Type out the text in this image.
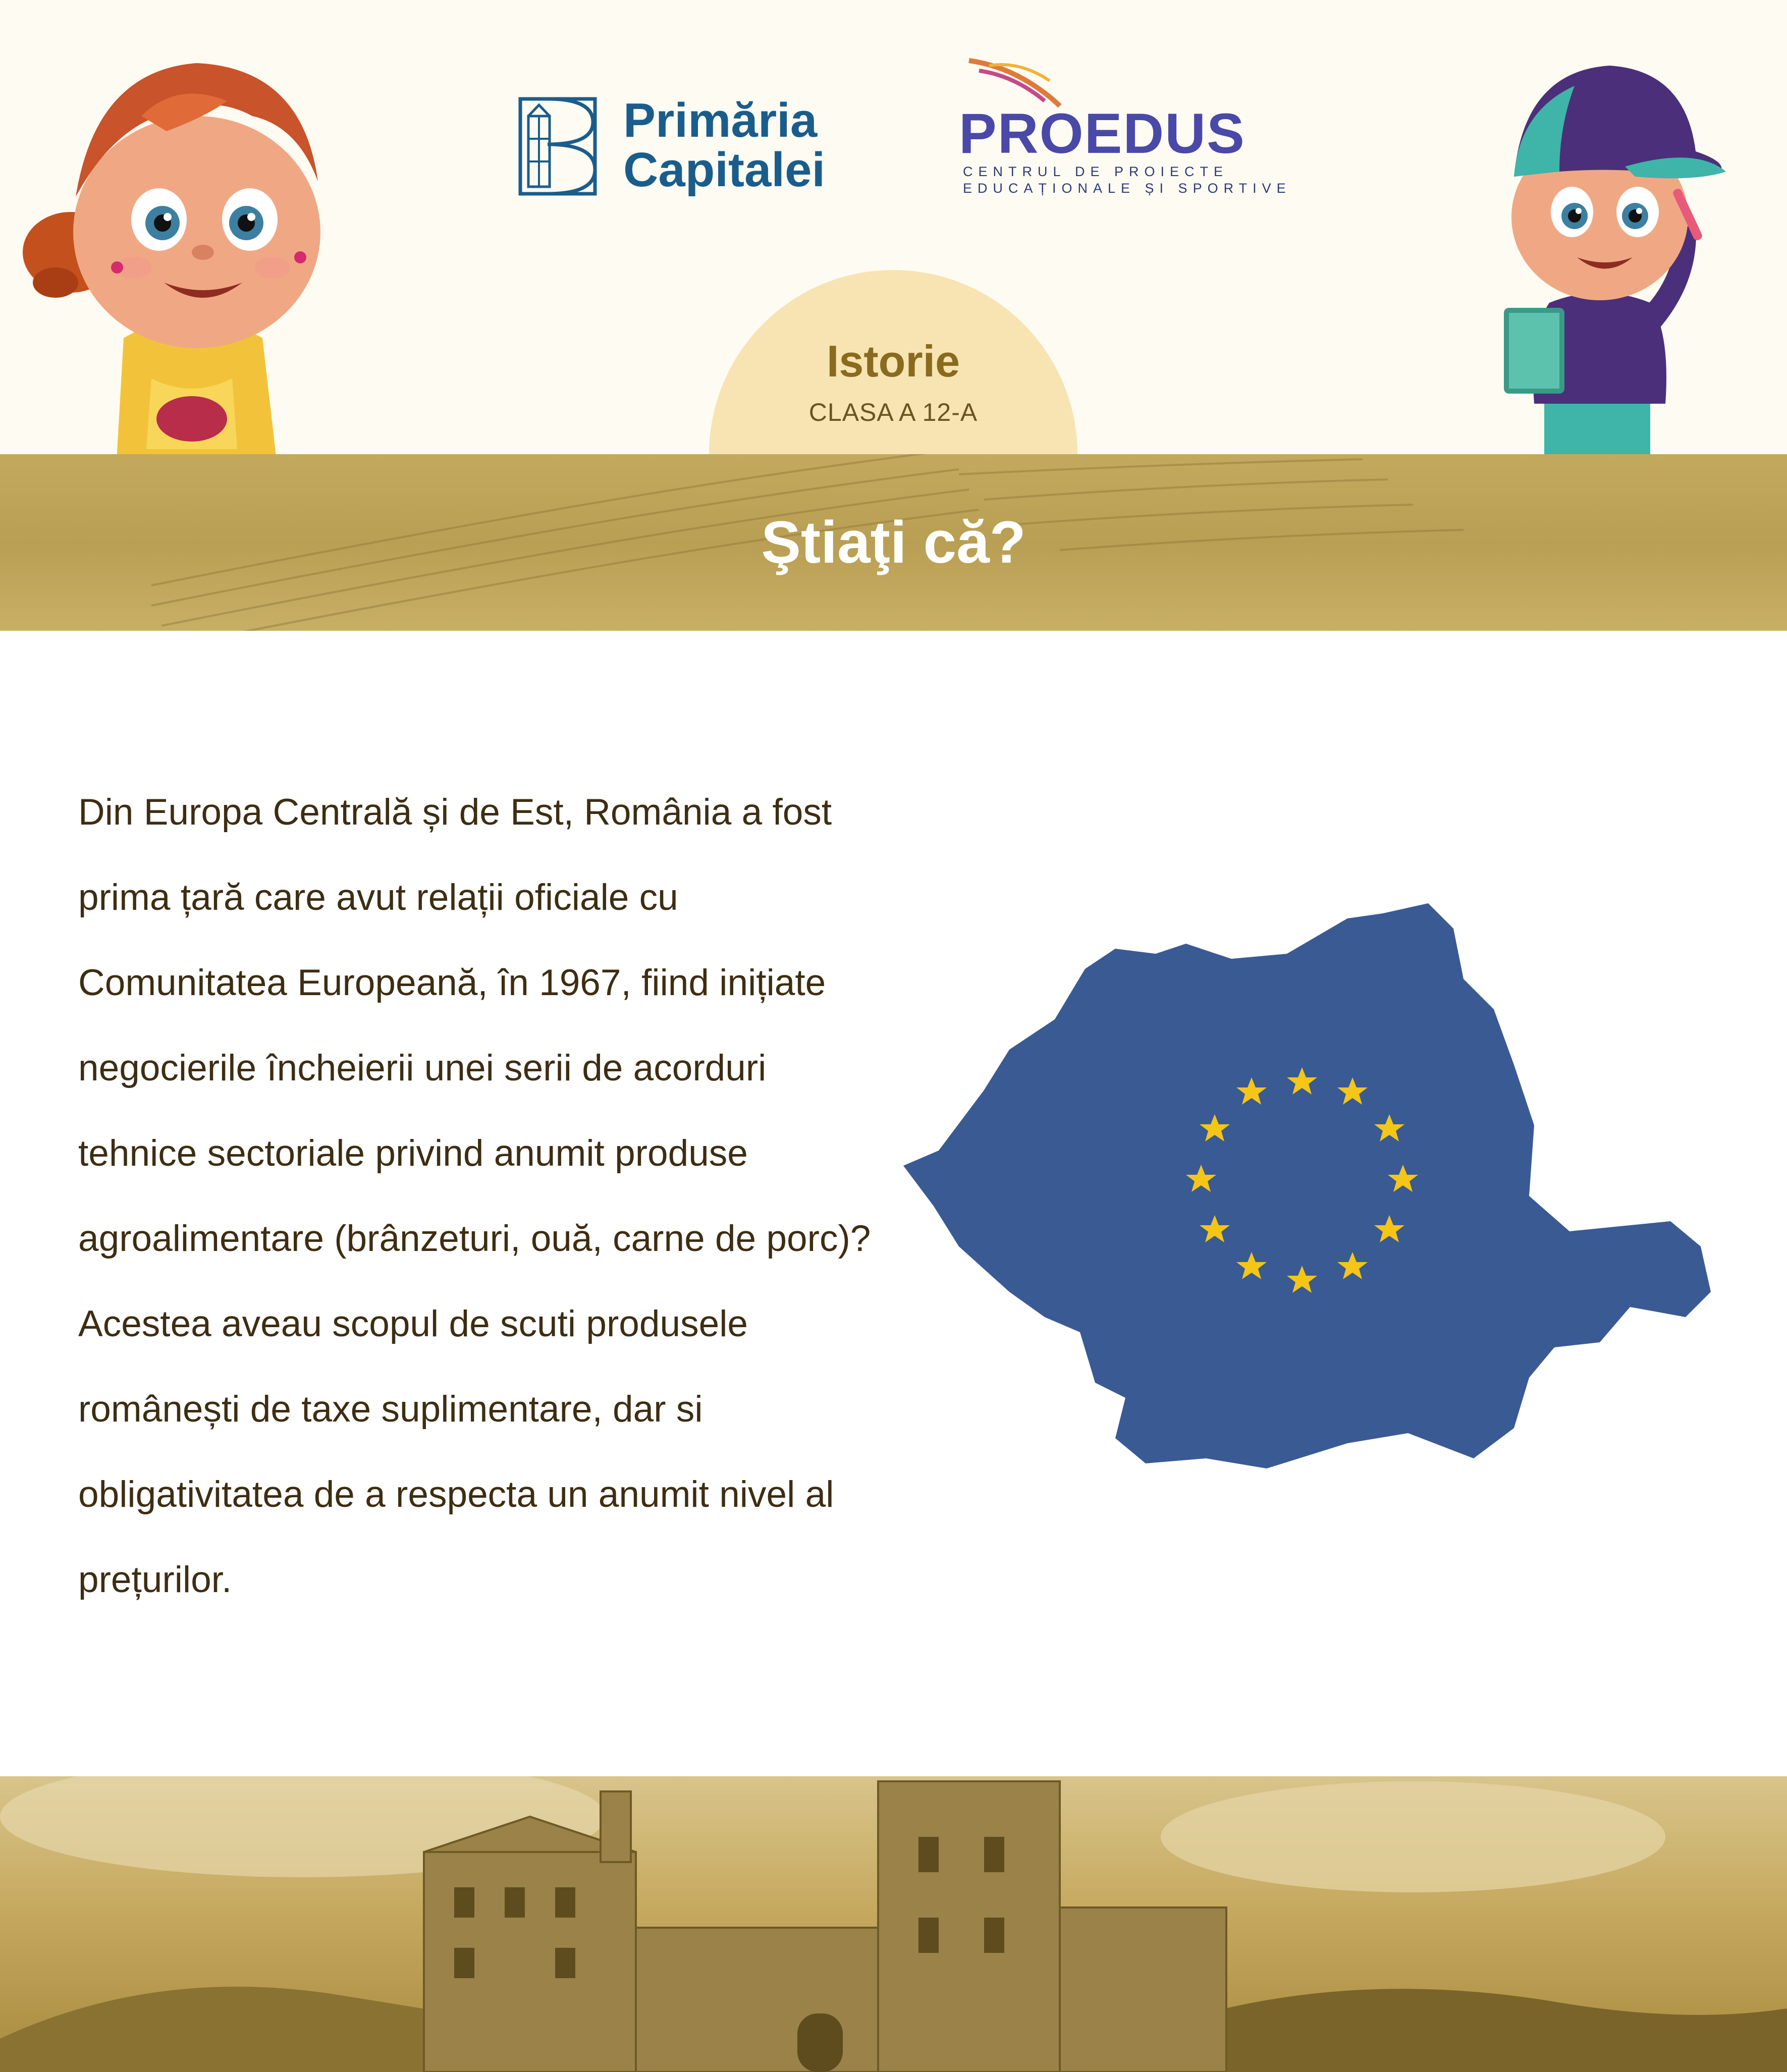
Primăria
Capitalei
PROEDUS
CENTRUL DE PROIECTE
EDUCAȚIONALE ȘI SPORTIVE
Istorie
CLASA A 12-A
Ştiaţi că?

Din Europa Centrală și de Est, România a fost prima țară care avut relații oficiale cu Comunitatea Europeană, în 1967, fiind inițiate negocierile încheierii unei serii de acorduri tehnice sectoriale privind anumit produse agroalimentare (brânzeturi, ouă, carne de porc)? Acestea aveau scopul de scuti produsele românești de taxe suplimentare, dar si obligativitatea de a respecta un anumit nivel al prețurilor.
